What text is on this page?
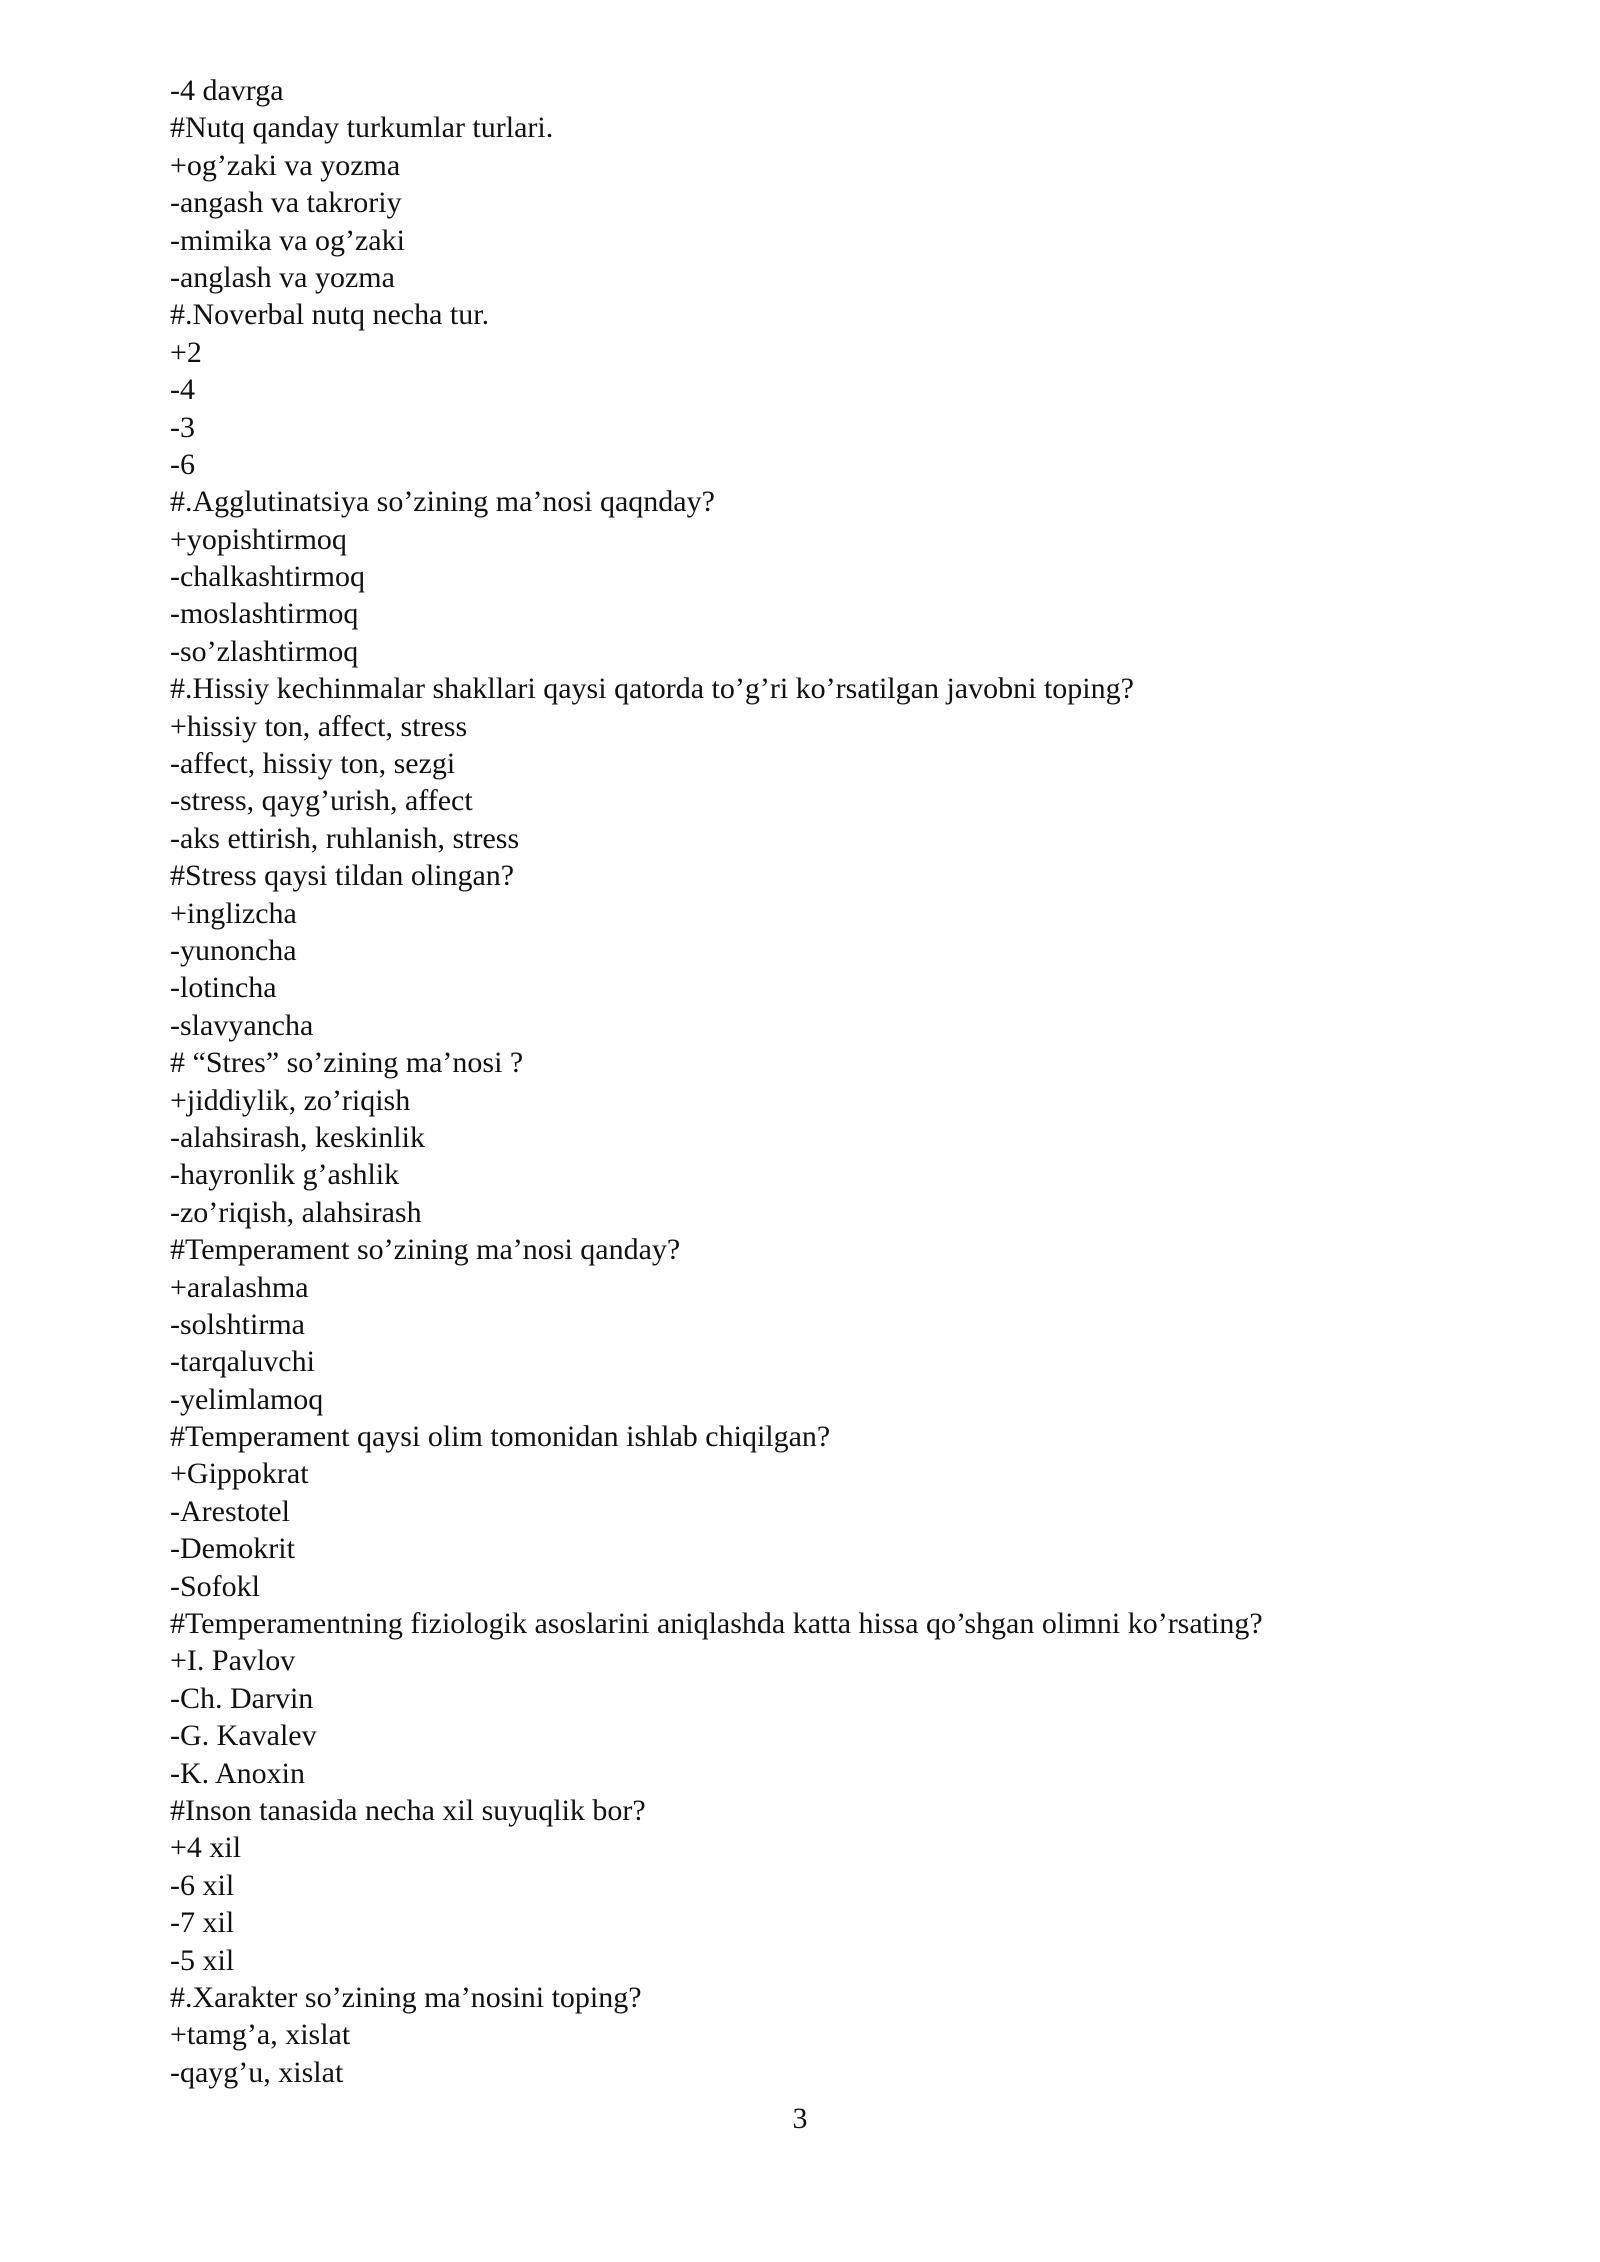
-4 davrga
#Nutq qanday turkumlar turlari.
+og’zaki va yozma
-angash va takroriy
-mimika va og’zaki
-anglash va yozma
#.Noverbal nutq necha tur.
+2
-4
-3
-6
#.Agglutinatsiya so’zining ma’nosi qaqnday?
+yopishtirmoq
-chalkashtirmoq
-moslashtirmoq
-so’zlashtirmoq
#.Hissiy kechinmalar shakllari qaysi qatorda to’g’ri ko’rsatilgan javobni toping?
+hissiy ton, affect, stress
-affect, hissiy ton, sezgi
-stress, qayg’urish, affect
-aks ettirish, ruhlanish, stress
#Stress qaysi tildan olingan?
+inglizcha
-yunoncha
-lotincha
-slavyancha
# “Stres” so’zining ma’nosi ?
+jiddiylik, zo’riqish
-alahsirash, keskinlik
-hayronlik g’ashlik
-zo’riqish, alahsirash
#Temperament so’zining ma’nosi qanday?
+aralashma
-solshtirma
-tarqaluvchi
-yelimlamoq
#Temperament qaysi olim tomonidan ishlab chiqilgan?
+Gippokrat
-Arestotel
-Demokrit
-Sofokl
#Temperamentning fiziologik asoslarini aniqlashda katta hissa qo’shgan olimni ko’rsating?
+I. Pavlov
-Ch. Darvin
-G. Kavalev
-K. Anoxin
#Inson tanasida necha xil suyuqlik bor?
+4 xil
-6 xil
-7 xil
-5 xil
#.Xarakter so’zining ma’nosini toping?
+tamg’a, xislat
-qayg’u, xislat
3
